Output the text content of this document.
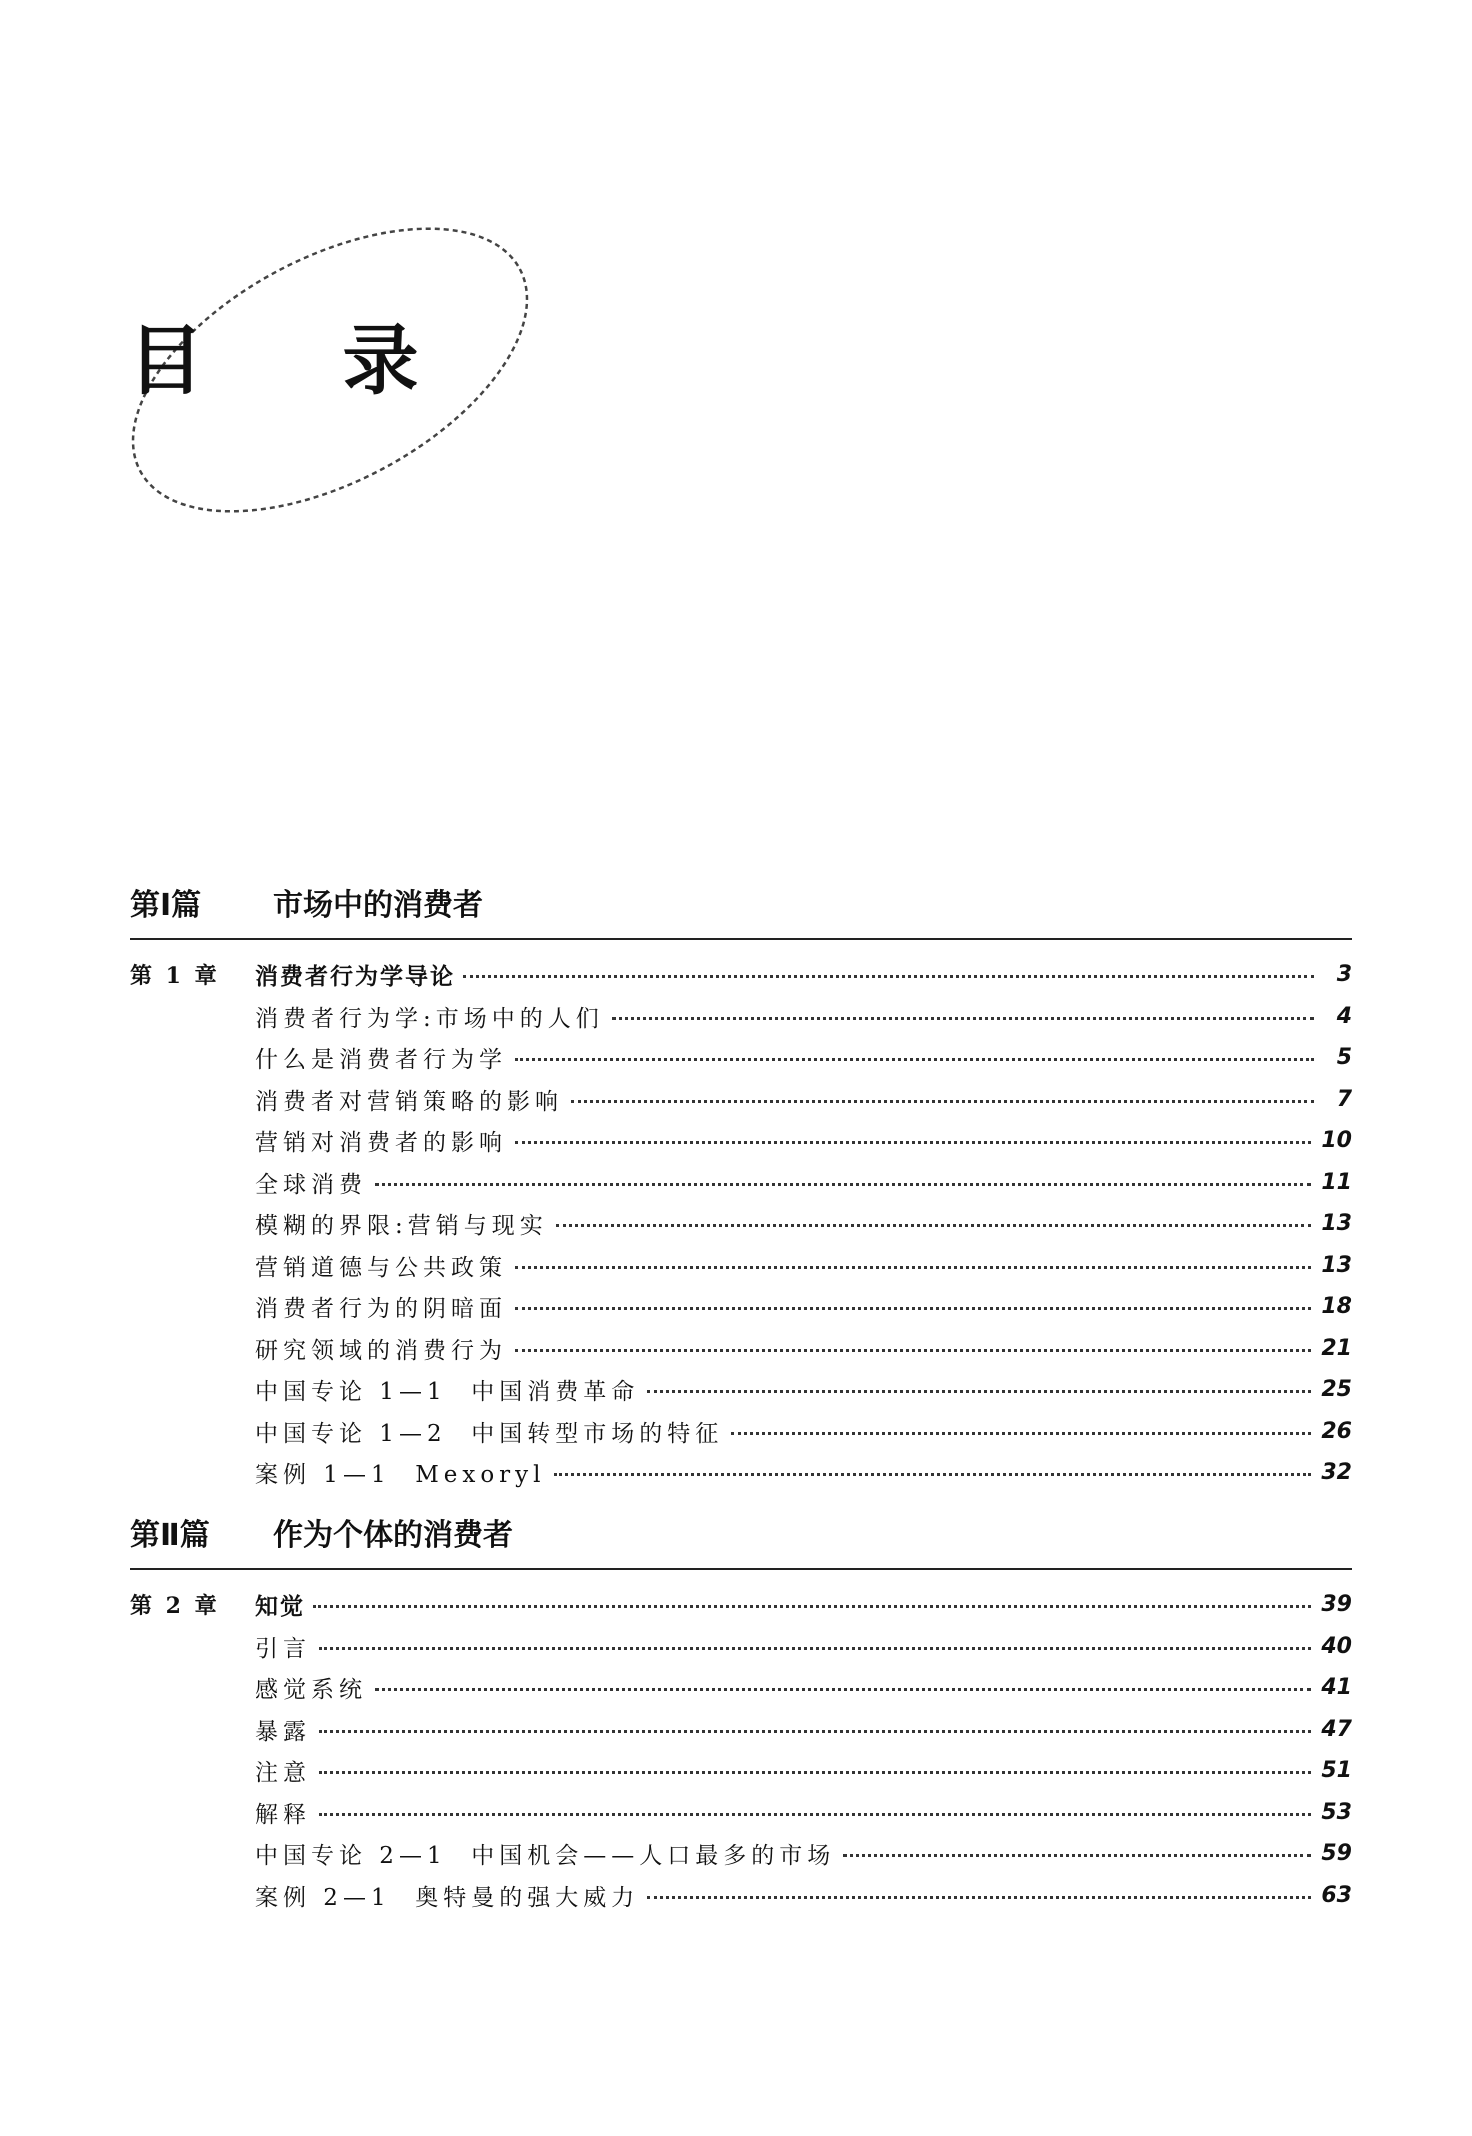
目 录
第Ⅰ篇	市场中的消费者
第 1 章 消费者行为学导论	3
消费者行为学:市场中的人们	4
什么是消费者行为学	5
消费者对营销策略的影响	7
营销对消费者的影响	10
全球消费	11
模糊的界限:营销与现实	13
营销道德与公共政策	13
消费者行为的阴暗面	18
研究领域的消费行为	21
中国专论 1—1  中国消费革命	25
中国专论 1—2  中国转型市场的特征	26
案例 1—1  Mexoryl	32
第Ⅱ篇	作为个体的消费者
第 2 章 知觉	39
引言	40
感觉系统	41
暴露	47
注意	51
解释	53
中国专论 2—1  中国机会——人口最多的市场	59
案例 2—1  奥特曼的强大威力	63
